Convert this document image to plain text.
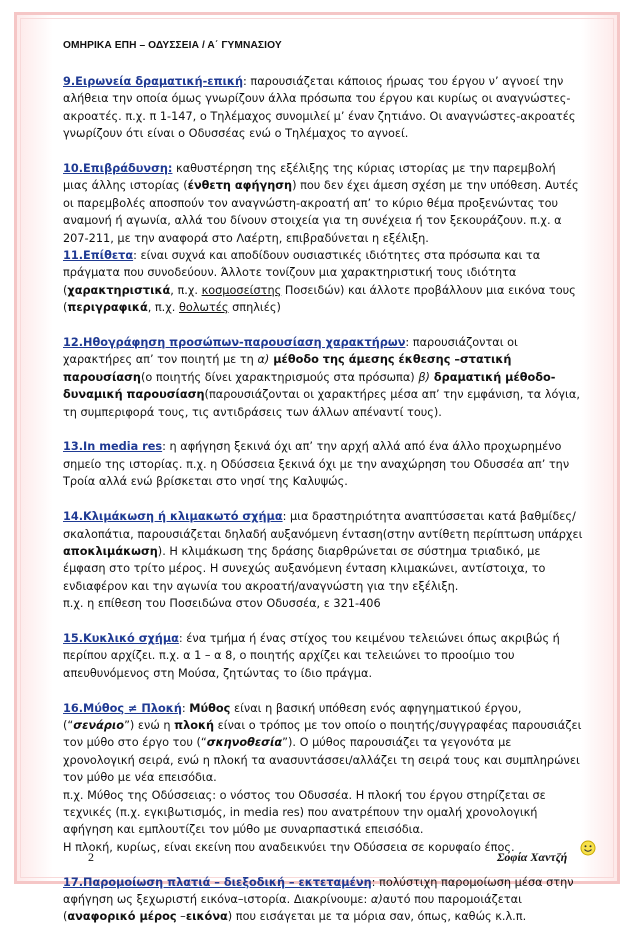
ΟΜΗΡΙΚΑ ΕΠΗ – ΟΔΥΣΣΕΙΑ / Α΄ ΓΥΜΝΑΣΙΟΥ

9.Ειρωνεία δραματική-επική: παρουσιάζεται κάποιος ήρωας του έργου ν’ αγνοεί την αλήθεια την οποία όμως γνωρίζουν άλλα πρόσωπα του έργου και κυρίως οι αναγνώστες-ακροατές. π.χ. π 1-147, ο Τηλέμαχος συνομιλεί μ’ έναν ζητιάνο. Οι αναγνώστες-ακροατές γνωρίζουν ότι είναι ο Οδυσσέας ενώ ο Τηλέμαχος το αγνοεί.

10.Επιβράδυνση: καθυστέρηση της εξέλιξης της κύριας ιστορίας με την παρεμβολή μιας άλλης ιστορίας (ένθετη αφήγηση) που δεν έχει άμεση σχέση με την υπόθεση. Αυτές οι παρεμβολές αποσπούν τον αναγνώστη-ακροατή απ’ το κύριο θέμα προξενώντας του αναμονή ή αγωνία, αλλά του δίνουν στοιχεία για τη συνέχεια ή τον ξεκουράζουν. π.χ. α 207-211, με την αναφορά στο Λαέρτη, επιβραδύνεται η εξέλιξη.

11.Επίθετα: είναι συχνά και αποδίδουν ουσιαστικές ιδιότητες στα πρόσωπα και τα πράγματα που συνοδεύουν. Άλλοτε τονίζουν μια χαρακτηριστική τους ιδιότητα (χαρακτηριστικά, π.χ. κοσμοσείστης Ποσειδών) και άλλοτε προβάλλουν μια εικόνα τους (περιγραφικά, π.χ. θολωτές σπηλιές)

12.Ηθογράφηση προσώπων-παρουσίαση χαρακτήρων: παρουσιάζονται οι χαρακτήρες απ’ τον ποιητή με τη α) μέθοδο της άμεσης έκθεσης –στατική παρουσίαση(ο ποιητής δίνει χαρακτηρισμούς στα πρόσωπα) β) δραματική μέθοδο-δυναμική παρουσίαση(παρουσιάζονται οι χαρακτήρες μέσα απ’ την εμφάνιση, τα λόγια, τη συμπεριφορά τους, τις αντιδράσεις των άλλων απέναντί τους).

13.In media res: η αφήγηση ξεκινά όχι απ’ την αρχή αλλά από ένα άλλο προχωρημένο σημείο της ιστορίας. π.χ. η Οδύσσεια ξεκινά όχι με την αναχώρηση του Οδυσσέα απ’ την Τροία αλλά ενώ βρίσκεται στο νησί της Καλυψώς.

14.Κλιμάκωση ή κλιμακωτό σχήμα: μια δραστηριότητα αναπτύσσεται κατά βαθμίδες/σκαλοπάτια, παρουσιάζεται δηλαδή αυξανόμενη ένταση(στην αντίθετη περίπτωση υπάρχει αποκλιμάκωση). Η κλιμάκωση της δράσης διαρθρώνεται σε σύστημα τριαδικό, με έμφαση στο τρίτο μέρος. Η συνεχώς αυξανόμενη ένταση κλιμακώνει, αντίστοιχα, το ενδιαφέρον και την αγωνία του ακροατή/αναγνώστη για την εξέλιξη.
π.χ. η επίθεση του Ποσειδώνα στον Οδυσσέα, ε 321-406

15.Κυκλικό σχήμα: ένα τμήμα ή ένας στίχος του κειμένου τελειώνει όπως ακριβώς ή περίπου αρχίζει. π.χ. α 1 – α 8, ο ποιητής αρχίζει και τελειώνει το προοίμιο του απευθυνόμενος στη Μούσα, ζητώντας το ίδιο πράγμα.

16.Μύθος ≠ Πλοκή: Μύθος είναι η βασική υπόθεση ενός αφηγηματικού έργου, (“σενάριο”) ενώ η πλοκή είναι ο τρόπος με τον οποίο ο ποιητής/συγγραφέας παρουσιάζει τον μύθο στο έργο του (“σκηνοθεσία”). Ο μύθος παρουσιάζει τα γεγονότα με χρονολογική σειρά, ενώ η πλοκή τα ανασυντάσσει/αλλάζει τη σειρά τους και συμπληρώνει τον μύθο με νέα επεισόδια.
π.χ. Μύθος της Οδύσσειας: ο νόστος του Οδυσσέα. Η πλοκή του έργου στηρίζεται σε τεχνικές (π.χ. εγκιβωτισμός, in media res) που ανατρέπουν την ομαλή χρονολογική αφήγηση και εμπλουτίζει τον μύθο με συναρπαστικά επεισόδια.
Η πλοκή, κυρίως, είναι εκείνη που αναδεικνύει την Οδύσσεια σε κορυφαίο έπος.

17.Παρομοίωση πλατιά – διεξοδική – εκτεταμένη: πολύστιχη παρομοίωση μέσα στην αφήγηση ως ξεχωριστή εικόνα–ιστορία. Διακρίνουμε: α)αυτό που παρομοιάζεται (αναφορικό μέρος –εικόνα) που εισάγεται με τα μόρια σαν, όπως, καθώς κ.λ.π.

2	Σοφία Χαντζή
